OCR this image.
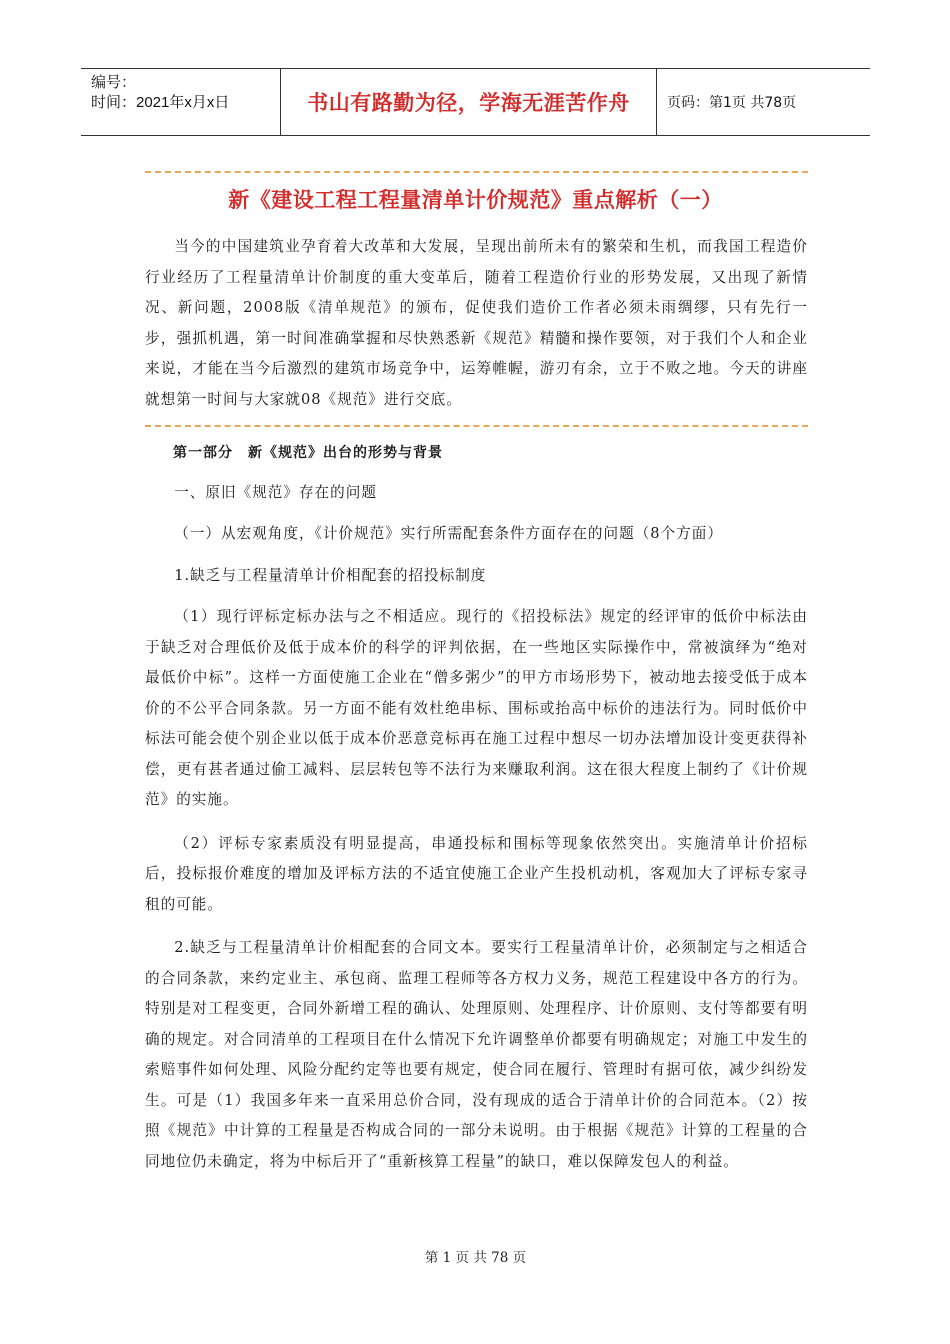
编号：
时间：2021年x月x日	书山有路勤为径，学海无涯苦作舟	页码：第1页 共78页
新《建设工程工程量清单计价规范》重点解析（一）

当今的中国建筑业孕育着大改革和大发展，呈现出前所未有的繁荣和生机，而我国工程造价行业经历了工程量清单计价制度的重大变革后，随着工程造价行业的形势发展，又出现了新情况、新问题，2008版《清单规范》的颁布，促使我们造价工作者必须未雨绸缪，只有先行一步，强抓机遇，第一时间准确掌握和尽快熟悉新《规范》精髓和操作要领，对于我们个人和企业来说，才能在当今后激烈的建筑市场竞争中，运筹帷幄，游刃有余，立于不败之地。今天的讲座就想第一时间与大家就08《规范》进行交底。

第一部分　新《规范》出台的形势与背景

一、原旧《规范》存在的问题

（一）从宏观角度，《计价规范》实行所需配套条件方面存在的问题（8个方面）

1.缺乏与工程量清单计价相配套的招投标制度

（1）现行评标定标办法与之不相适应。现行的《招投标法》规定的经评审的低价中标法由于缺乏对合理低价及低于成本价的科学的评判依据，在一些地区实际操作中，常被演绎为“绝对最低价中标”。这样一方面使施工企业在“僧多粥少”的甲方市场形势下，被动地去接受低于成本价的不公平合同条款。另一方面不能有效杜绝串标、围标或抬高中标价的违法行为。同时低价中标法可能会使个别企业以低于成本价恶意竞标再在施工过程中想尽一切办法增加设计变更获得补偿，更有甚者通过偷工减料、层层转包等不法行为来赚取利润。这在很大程度上制约了《计价规范》的实施。

（2）评标专家素质没有明显提高，串通投标和围标等现象依然突出。实施清单计价招标后，投标报价难度的增加及评标方法的不适宜使施工企业产生投机动机，客观加大了评标专家寻租的可能。

2.缺乏与工程量清单计价相配套的合同文本。要实行工程量清单计价，必须制定与之相适合的合同条款，来约定业主、承包商、监理工程师等各方权力义务，规范工程建设中各方的行为。特别是对工程变更，合同外新增工程的确认、处理原则、处理程序、计价原则、支付等都要有明确的规定。对合同清单的工程项目在什么情况下允许调整单价都要有明确规定；对施工中发生的索赔事件如何处理、风险分配约定等也要有规定，使合同在履行、管理时有据可依，减少纠纷发生。可是（1）我国多年来一直采用总价合同，没有现成的适合于清单计价的合同范本。（2）按照《规范》中计算的工程量是否构成合同的一部分未说明。由于根据《规范》计算的工程量的合同地位仍未确定，将为中标后开了“重新核算工程量”的缺口，难以保障发包人的利益。

第 1 页 共 78 页
